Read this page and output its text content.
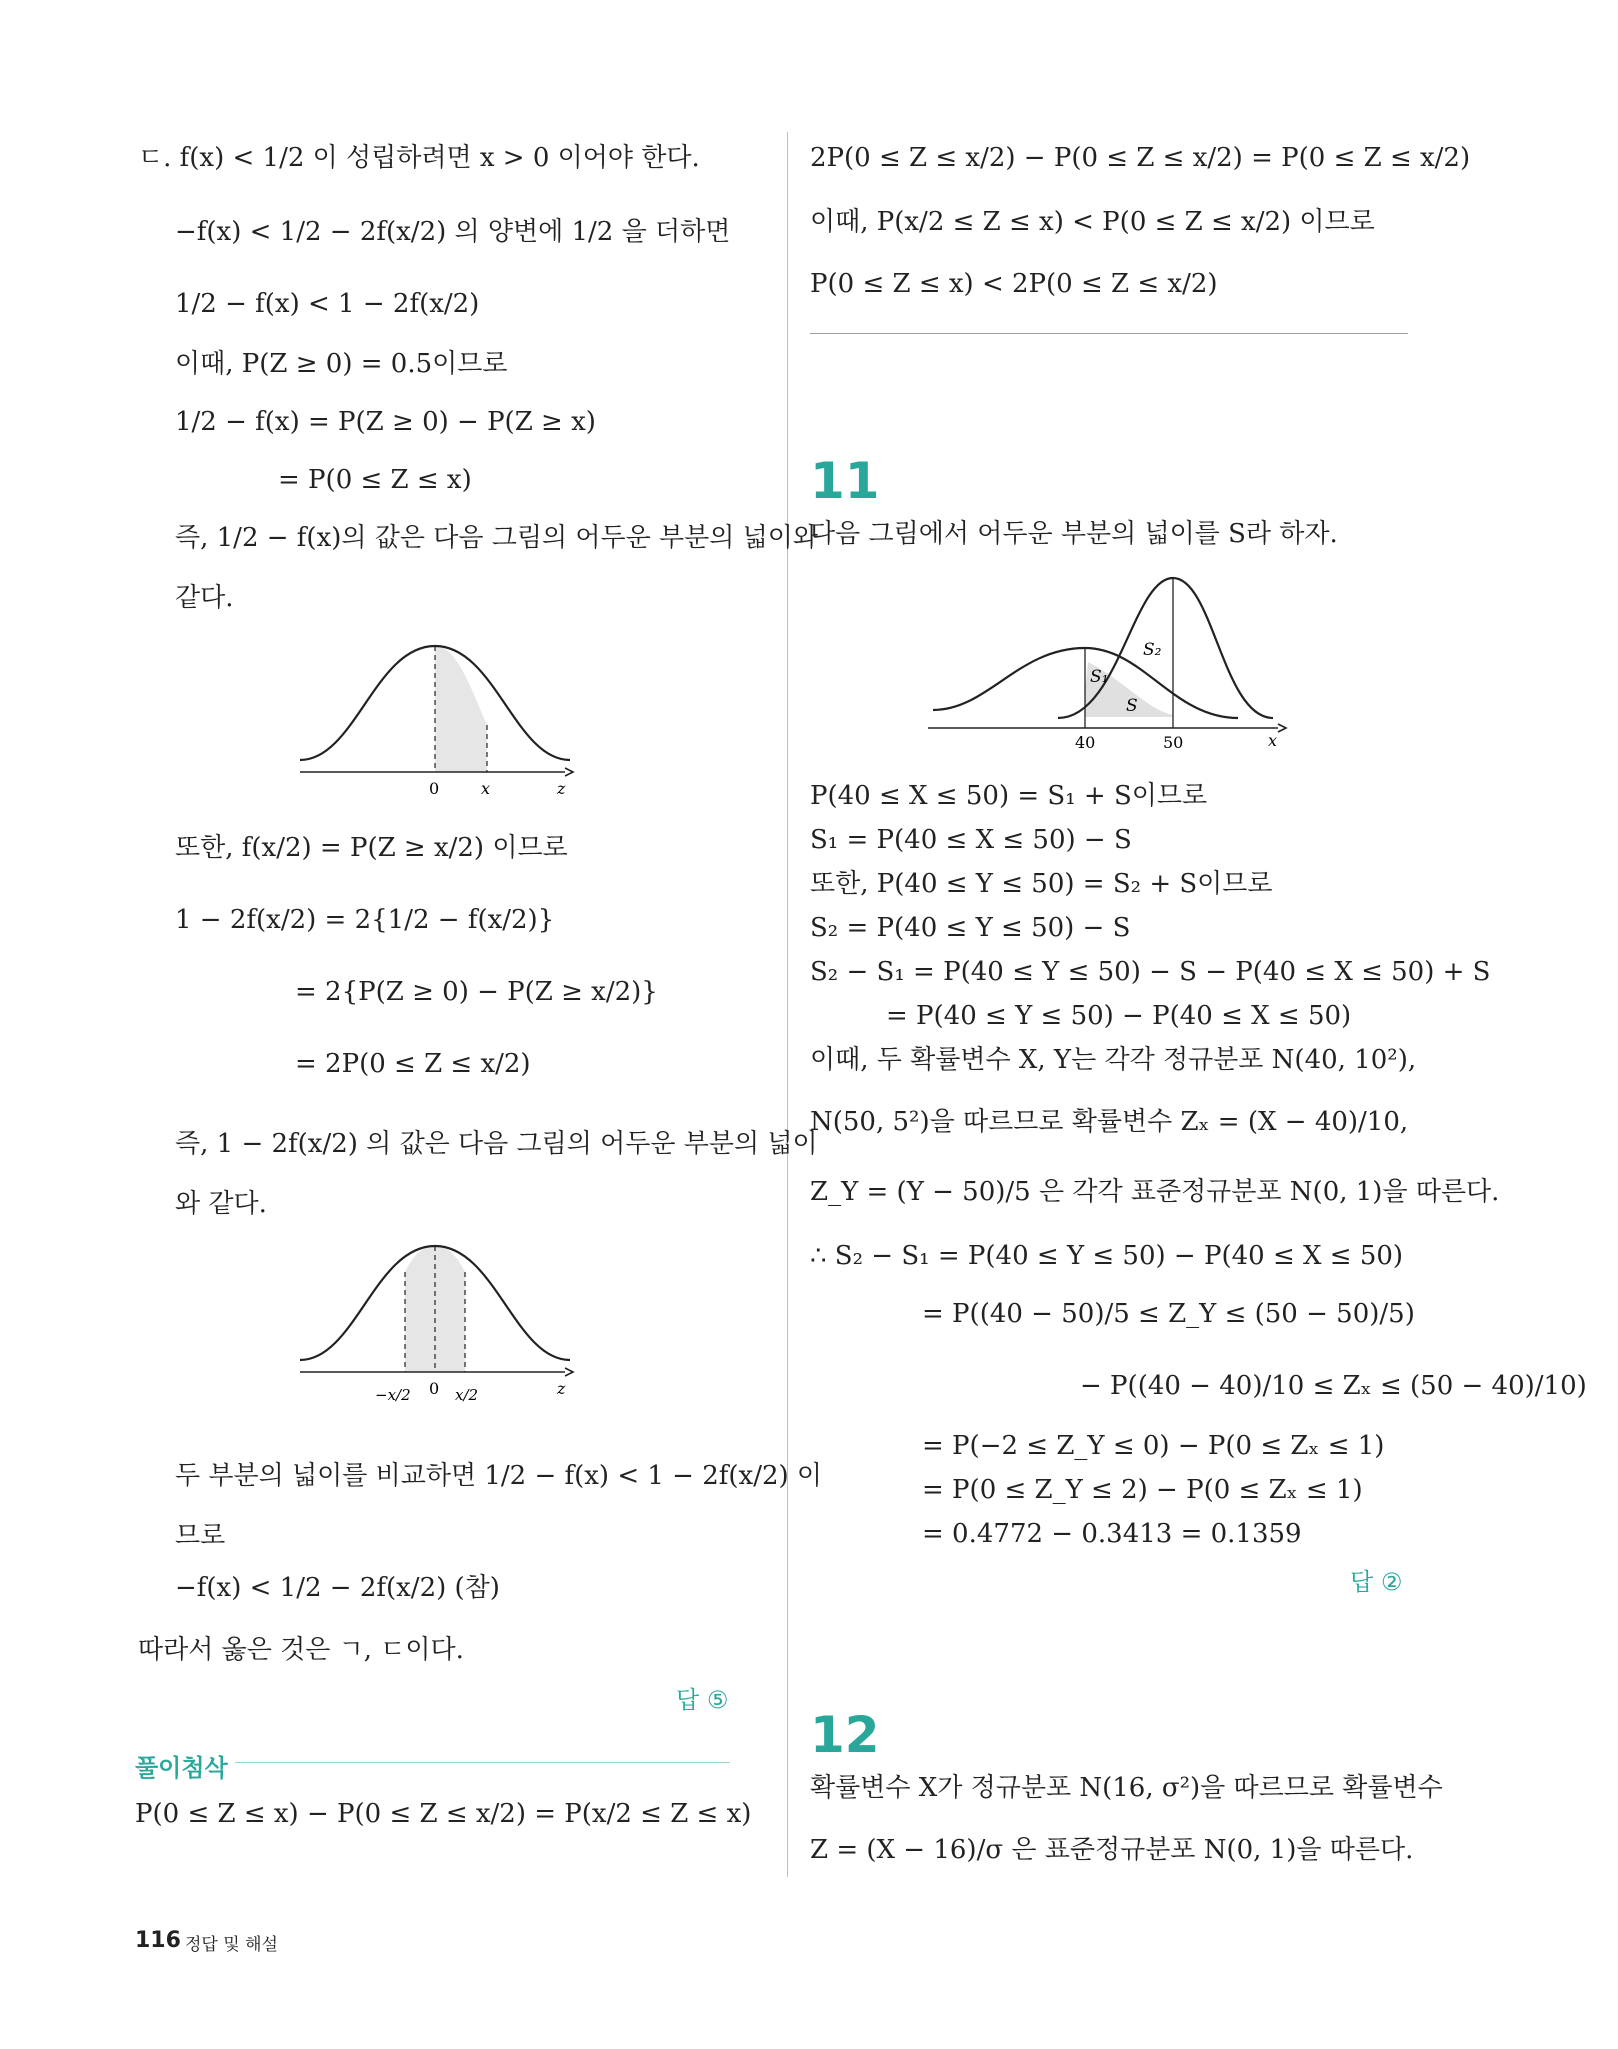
ㄷ. f(x) < 1/2 이 성립하려면 x > 0 이어야 한다.
−f(x) < 1/2 − 2f(x/2) 의 양변에 1/2 을 더하면
1/2 − f(x) < 1 − 2f(x/2)
이때, P(Z ≥ 0) = 0.5이므로
1/2 − f(x) = P(Z ≥ 0) − P(Z ≥ x)
= P(0 ≤ Z ≤ x)
즉, 1/2 − f(x)의 값은 다음 그림의 어두운 부분의 넓이와
같다.
0	x	z
또한, f(x/2) = P(Z ≥ x/2) 이므로
1 − 2f(x/2) = 2{1/2 − f(x/2)}
= 2{P(Z ≥ 0) − P(Z ≥ x/2)}
= 2P(0 ≤ Z ≤ x/2)
즉, 1 − 2f(x/2) 의 값은 다음 그림의 어두운 부분의 넓이
와 같다.
−x/2 0 x/2	z
두 부분의 넓이를 비교하면 1/2 − f(x) < 1 − 2f(x/2) 이
므로
−f(x) < 1/2 − 2f(x/2) (참)
따라서 옳은 것은 ㄱ, ㄷ이다.
답 ⑤
풀이첨삭
P(0 ≤ Z ≤ x) − P(0 ≤ Z ≤ x/2) = P(x/2 ≤ Z ≤ x)
2P(0 ≤ Z ≤ x/2) − P(0 ≤ Z ≤ x/2) = P(0 ≤ Z ≤ x/2)
이때, P(x/2 ≤ Z ≤ x) < P(0 ≤ Z ≤ x/2) 이므로
P(0 ≤ Z ≤ x) < 2P(0 ≤ Z ≤ x/2)
11
다음 그림에서 어두운 부분의 넓이를 S라 하자.
S₁
S₂
S
40	50	x
P(40 ≤ X ≤ 50) = S₁ + S이므로
S₁ = P(40 ≤ X ≤ 50) − S
또한, P(40 ≤ Y ≤ 50) = S₂ + S이므로
S₂ = P(40 ≤ Y ≤ 50) − S
S₂ − S₁ = P(40 ≤ Y ≤ 50) − S − P(40 ≤ X ≤ 50) + S
= P(40 ≤ Y ≤ 50) − P(40 ≤ X ≤ 50)
이때, 두 확률변수 X, Y는 각각 정규분포 N(40, 10²),
N(50, 5²)을 따르므로 확률변수 Zₓ = (X − 40)/10,
Z_Y = (Y − 50)/5 은 각각 표준정규분포 N(0, 1)을 따른다.
∴ S₂ − S₁ = P(40 ≤ Y ≤ 50) − P(40 ≤ X ≤ 50)
= P((40 − 50)/5 ≤ Z_Y ≤ (50 − 50)/5)
− P((40 − 40)/10 ≤ Zₓ ≤ (50 − 40)/10)
= P(−2 ≤ Z_Y ≤ 0) − P(0 ≤ Zₓ ≤ 1)
= P(0 ≤ Z_Y ≤ 2) − P(0 ≤ Zₓ ≤ 1)
= 0.4772 − 0.3413 = 0.1359
답 ②
12
확률변수 X가 정규분포 N(16, σ²)을 따르므로 확률변수
Z = (X − 16)/σ 은 표준정규분포 N(0, 1)을 따른다.
116 정답 및 해설
